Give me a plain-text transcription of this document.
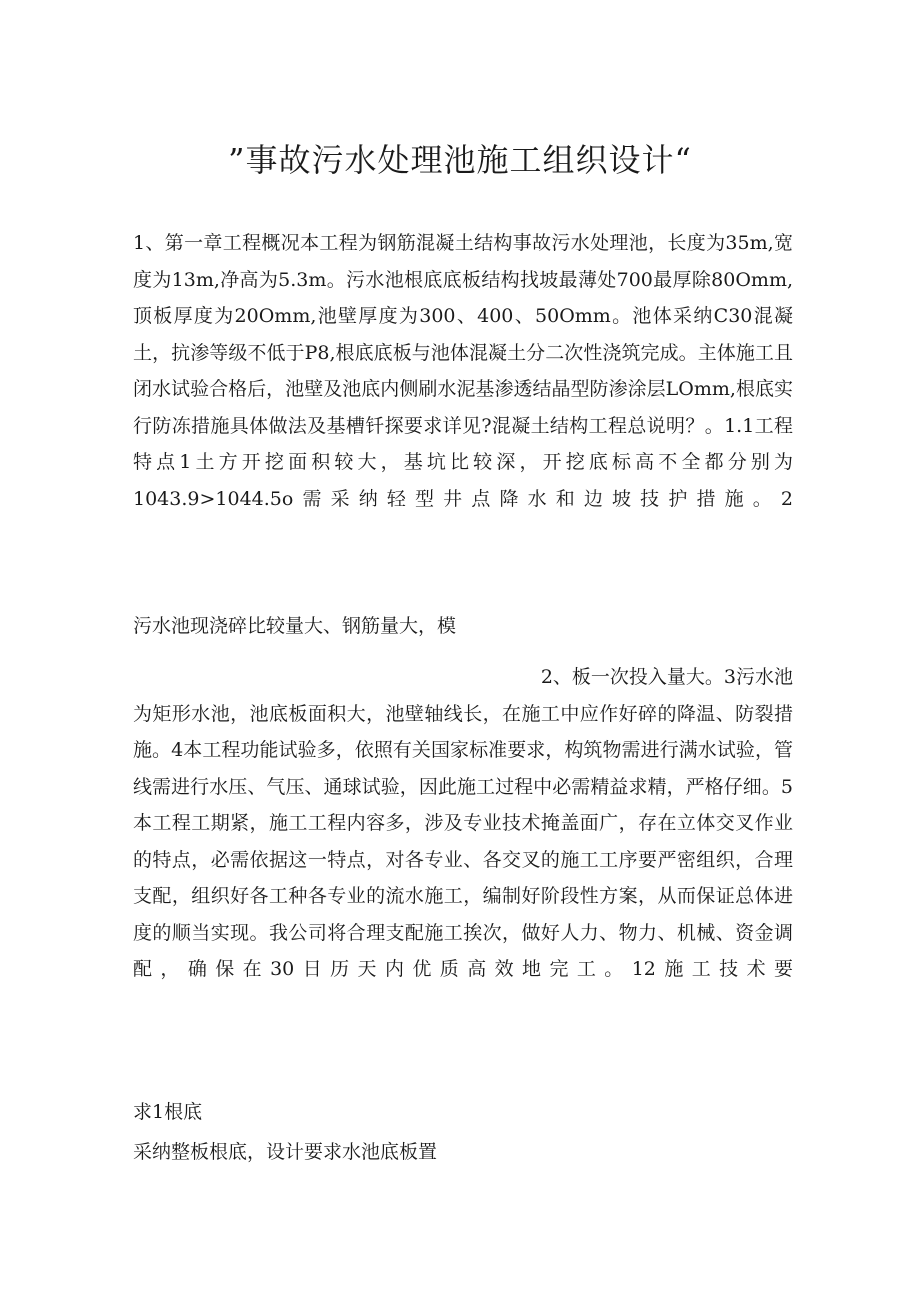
”事故污水处理池施工组织设计“
1、第一章工程概况本工程为钢筋混凝土结构事故污水处理池，长度为35m,宽度为13m,净高为5.3m。污水池根底底板结构找坡最薄处700最厚除80Omm,顶板厚度为20Omm,池壁厚度为300、400、50Omm。池体采纳C30混凝土，抗渗等级不低于P8,根底底板与池体混凝土分二次性浇筑完成。主体施工且闭水试验合格后，池壁及池底内侧刷水泥基渗透结晶型防渗涂层LOmm,根底实行防冻措施具体做法及基槽钎探要求详见?混凝土结构工程总说明？。1.1工程特点1土方开挖面积较大，基坑比较深，开挖底标高不全都分别为1043.9>1044.5o需采纳轻型井点降水和边坡技护措施。2
污水池现浇碎比较量大、钢筋量大，模
2、板一次投入量大。3污水池
为矩形水池，池底板面积大，池壁轴线长，在施工中应作好碎的降温、防裂措施。4本工程功能试验多，依照有关国家标准要求，构筑物需进行满水试验，管线需进行水压、气压、通球试验，因此施工过程中必需精益求精，严格仔细。5本工程工期紧，施工工程内容多，涉及专业技术掩盖面广，存在立体交叉作业的特点，必需依据这一特点，对各专业、各交叉的施工工序要严密组织，合理支配，组织好各工种各专业的流水施工，编制好阶段性方案，从而保证总体进度的顺当实现。我公司将合理支配施工挨次，做好人力、物力、机械、资金调配，确保在30日历天内优质高效地完工。12施工技术要
求1根底
采纳整板根底，设计要求水池底板置
